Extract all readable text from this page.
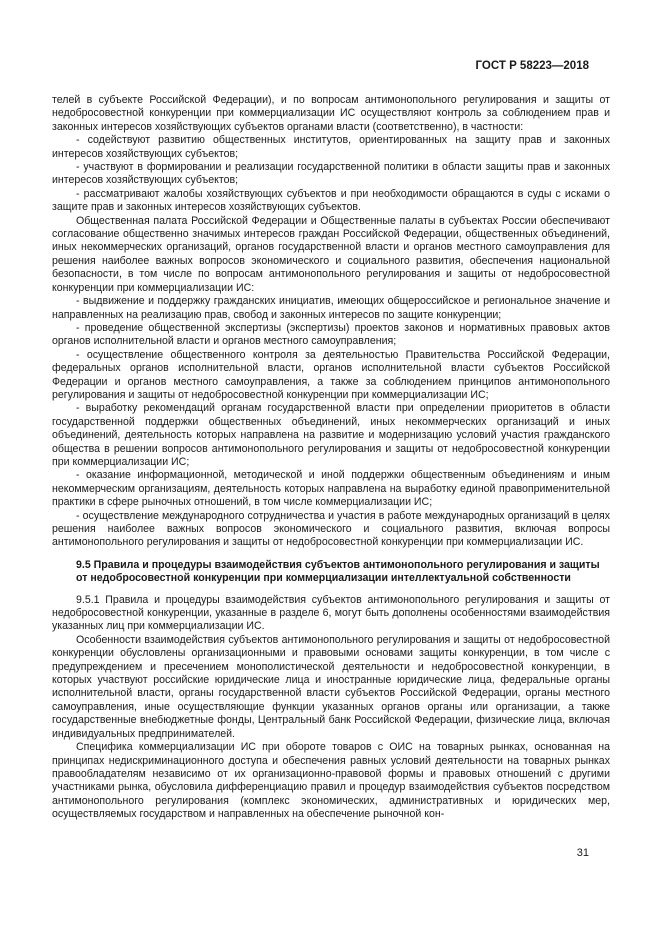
ГОСТ Р 58223—2018

телей в субъекте Российской Федерации), и по вопросам антимонопольного регулирования и защиты от недобросовестной конкуренции при коммерциализации ИС осуществляют контроль за соблюдением прав и законных интересов хозяйствующих субъектов органами власти (соответственно), в частности:

- содействуют развитию общественных институтов, ориентированных на защиту прав и законных интересов хозяйствующих субъектов;

- участвуют в формировании и реализации государственной политики в области защиты прав и законных интересов хозяйствующих субъектов;

- рассматривают жалобы хозяйствующих субъектов и при необходимости обращаются в суды с исками о защите прав и законных интересов хозяйствующих субъектов.

Общественная палата Российской Федерации и Общественные палаты в субъектах России обеспечивают согласование общественно значимых интересов граждан Российской Федерации, общественных объединений, иных некоммерческих организаций, органов государственной власти и органов местного самоуправления для решения наиболее важных вопросов экономического и социального развития, обеспечения национальной безопасности, в том числе по вопросам антимонопольного регулирования и защиты от недобросовестной конкуренции при коммерциализации ИС:

- выдвижение и поддержку гражданских инициатив, имеющих общероссийское и региональное значение и направленных на реализацию прав, свобод и законных интересов по защите конкуренции;

- проведение общественной экспертизы (экспертизы) проектов законов и нормативных правовых актов органов исполнительной власти и органов местного самоуправления;

- осуществление общественного контроля за деятельностью Правительства Российской Федерации, федеральных органов исполнительной власти, органов исполнительной власти субъектов Российской Федерации и органов местного самоуправления, а также за соблюдением принципов антимонопольного регулирования и защиты от недобросовестной конкуренции при коммерциализации ИС;

- выработку рекомендаций органам государственной власти при определении приоритетов в области государственной поддержки общественных объединений, иных некоммерческих организаций и иных объединений, деятельность которых направлена на развитие и модернизацию условий участия гражданского общества в решении вопросов антимонопольного регулирования и защиты от недобросовестной конкуренции при коммерциализации ИС;

- оказание информационной, методической и иной поддержки общественным объединениям и иным некоммерческим организациям, деятельность которых направлена на выработку единой правоприменительной практики в сфере рыночных отношений, в том числе коммерциализации ИС;

- осуществление международного сотрудничества и участия в работе международных организаций в целях решения наиболее важных вопросов экономического и социального развития, включая вопросы антимонопольного регулирования и защиты от недобросовестной конкуренции при коммерциализации ИС.

9.5 Правила и процедуры взаимодействия субъектов антимонопольного регулирования и защиты от недобросовестной конкуренции при коммерциализации интеллектуальной собственности

9.5.1 Правила и процедуры взаимодействия субъектов антимонопольного регулирования и защиты от недобросовестной конкуренции, указанные в разделе 6, могут быть дополнены особенностями взаимодействия указанных лиц при коммерциализации ИС.

Особенности взаимодействия субъектов антимонопольного регулирования и защиты от недобросовестной конкуренции обусловлены организационными и правовыми основами защиты конкуренции, в том числе с предупреждением и пресечением монополистической деятельности и недобросовестной конкуренции, в которых участвуют российские юридические лица и иностранные юридические лица, федеральные органы исполнительной власти, органы государственной власти субъектов Российской Федерации, органы местного самоуправления, иные осуществляющие функции указанных органов органы или организации, а также государственные внебюджетные фонды, Центральный банк Российской Федерации, физические лица, включая индивидуальных предпринимателей.

Специфика коммерциализации ИС при обороте товаров с ОИС на товарных рынках, основанная на принципах недискриминационного доступа и обеспечения равных условий деятельности на товарных рынках правообладателям независимо от их организационно-правовой формы и правовых отношений с другими участниками рынка, обусловила дифференциацию правил и процедур взаимодействия субъектов посредством антимонопольного регулирования (комплекс экономических, административных и юридических мер, осуществляемых государством и направленных на обеспечение рыночной кон-

31
